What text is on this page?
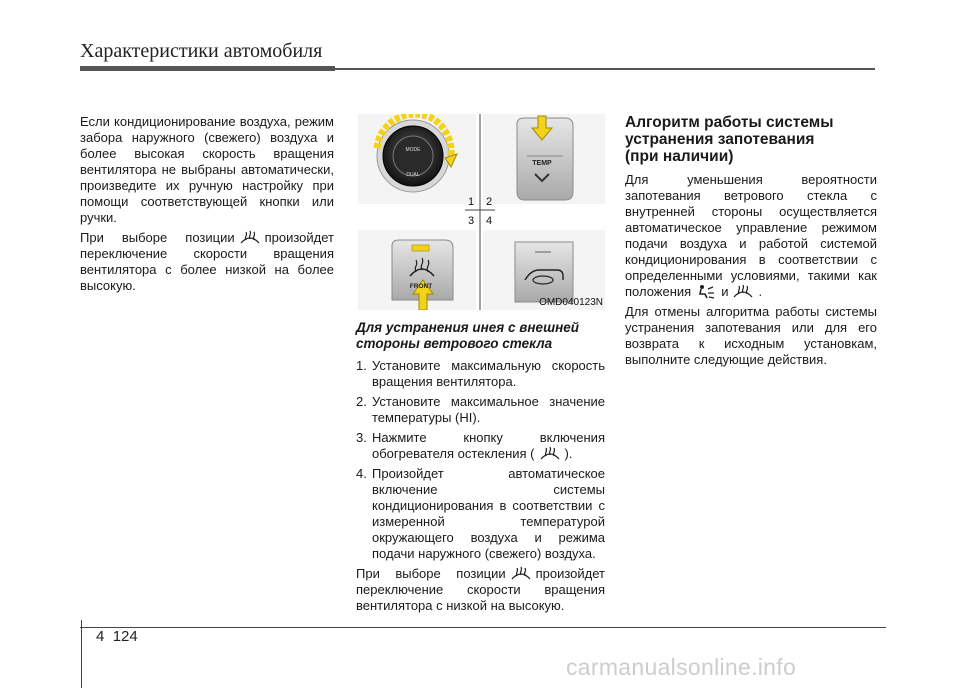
Характеристики автомобиля

Если кондиционирование воздуха, режим забора наружного (свежего) воздуха и более высокая скорость вращения вентилятора не выбраны автоматически, произведите их ручную настройку при помощи соответствующей кнопки или ручки.

При выборе позиции произойдет переключение скорости вращения вентилятора с более низкой на более высокую.

MODE
DUAL
TEMP
1 2
3 4
FRONT
OMD040123N
Для устранения инея с внешней стороны ветрового стекла
1. Установите максимальную скорость вращения вентилятора.
2. Установите максимальное значение температуры (HI).
3. Нажмите кнопку включения обогревателя остекления ( ).
4. Произойдет автоматическое включение системы кондиционирования в соответствии с измеренной температурой окружающего воздуха и режима подачи наружного (свежего) воздуха.

При выборе позиции произойдет переключение скорости вращения вентилятора с низкой на высокую.

Алгоритм работы системы
устранения запотевания
(при наличии)

Для уменьшения вероятности запотевания ветрового стекла с внутренней стороны осуществляется автоматическое управление режимом подачи воздуха и работой системой кондиционирования в соответствии с определенными условиями, такими как положения и .

Для отмены алгоритма работы системы устранения запотевания или для его возврата к исходным установкам, выполните следующие действия.

4 124
carmanualsonline.info
